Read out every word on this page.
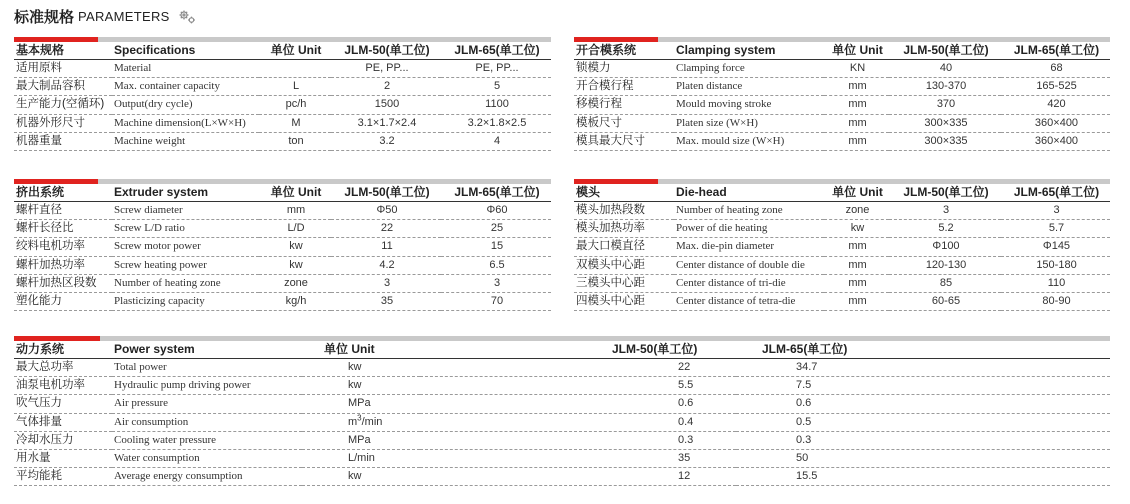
标准规格 PARAMETERS
基本规格	Specifications	单位 Unit	JLM-50(单工位)	JLM-65(单工位)
适用原料	Material		PE, PP...	PE, PP...
最大制品容积	Max. container capacity	L	2	5
生产能力(空循环)	Output(dry cycle)	pc/h	1500	1100
机器外形尺寸	Machine dimension(L×W×H)	M	3.1×1.7×2.4	3.2×1.8×2.5
机器重量	Machine weight	ton	3.2	4
开合模系统	Clamping system	单位 Unit	JLM-50(单工位)	JLM-65(单工位)
锁模力	Clamping force	KN	40	68
开合模行程	Platen distance	mm	130-370	165-525
移模行程	Mould moving stroke	mm	370	420
模板尺寸	Platen size (W×H)	mm	300×335	360×400
模具最大尺寸	Max. mould size (W×H)	mm	300×335	360×400
挤出系统	Extruder system	单位 Unit	JLM-50(单工位)	JLM-65(单工位)
螺杆直径	Screw diameter	mm	Φ50	Φ60
螺杆长径比	Screw L/D ratio	L/D	22	25
绞料电机功率	Screw motor power	kw	11	15
螺杆加热功率	Screw heating power	kw	4.2	6.5
螺杆加热区段数	Number of heating zone	zone	3	3
塑化能力	Plasticizing capacity	kg/h	35	70
模头	Die-head	单位 Unit	JLM-50(单工位)	JLM-65(单工位)
模头加热段数	Number of heating zone	zone	3	3
模头加热功率	Power of die heating	kw	5.2	5.7
最大口模直径	Max. die-pin diameter	mm	Φ100	Φ145
双模头中心距	Center distance of double die	mm	120-130	150-180
三模头中心距	Center distance of tri-die	mm	85	110
四模头中心距	Center distance of tetra-die	mm	60-65	80-90
动力系统	Power system	单位 Unit	JLM-50(单工位)	JLM-65(单工位)
最大总功率	Total power	kw	22	34.7
油泵电机功率	Hydraulic pump driving power	kw	5.5	7.5
吹气压力	Air pressure	MPa	0.6	0.6
气体排量	Air consumption	$m^3/\min$	0.4	0.5
冷却水压力	Cooling water pressure	MPa	0.3	0.3
用水量	Water consumption	L/min	35	50
平均能耗	Average energy consumption	kw	12	15.5
